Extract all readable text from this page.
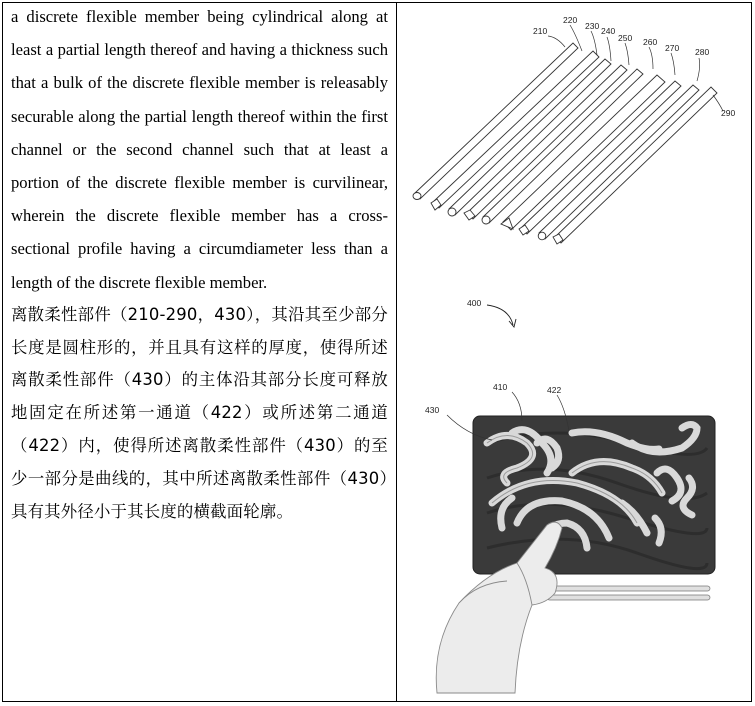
a discrete flexible member being cylindrical along at least a partial length thereof and having a thickness such that a bulk of the discrete flexible member is releasably securable along the partial length thereof within the first channel or the second channel such that at least a portion of the discrete flexible member is curvilinear, wherein the discrete flexible member has a cross-sectional profile having a circumdiameter less than a length of the discrete flexible member.

离散柔性部件（210-290，430），其沿其至少部分长度是圆柱形的，并且具有这样的厚度，使得所述离散柔性部件（430）的主体沿其部分长度可释放地固定在所述第一通道（422）或所述第二通道（422）内，使得所述离散柔性部件（430）的至少一部分是曲线的，其中所述离散柔性部件（430）具有其外径小于其长度的横截面轮廓。

210
220
230 240
250 260
270 280
290
400
410	422
430
